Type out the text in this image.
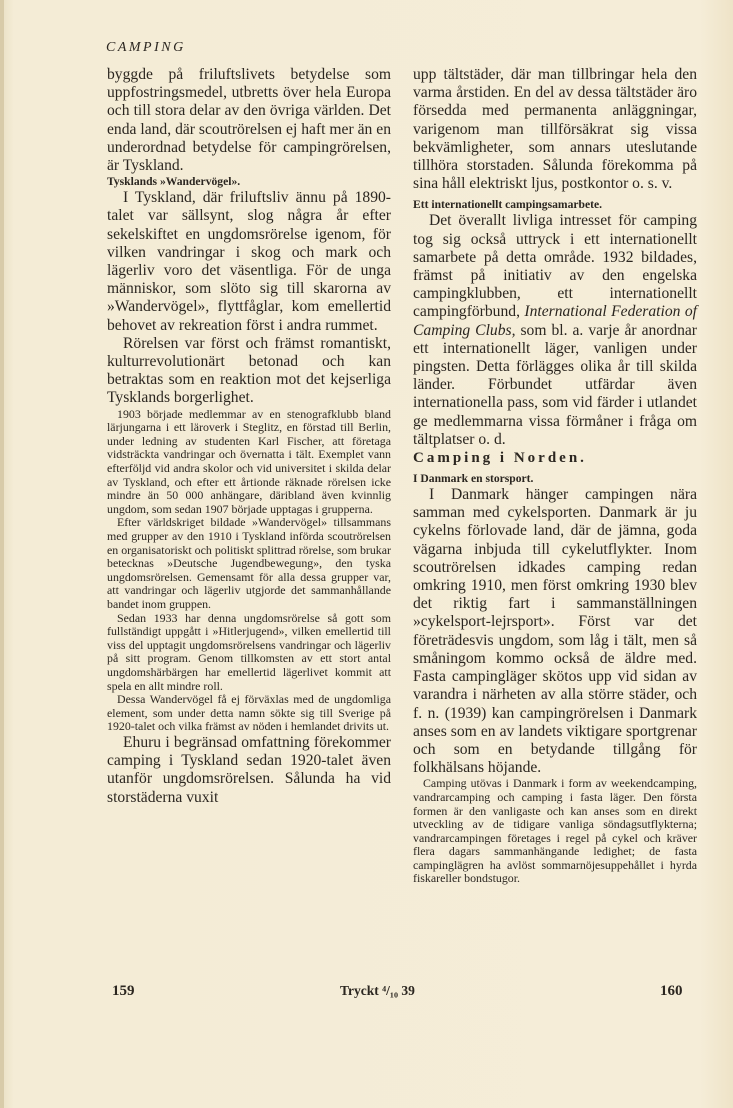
CAMPING

byggde på friluftslivets betydelse som uppfostringsmedel, utbretts över hela Europa och till stora delar av den övriga världen. Det enda land, där scoutrörelsen ej haft mer än en underordnad betydelse för campingrörelsen, är Tyskland.

Tysklands »Wandervögel».

I Tyskland, där friluftsliv ännu på 1890-talet var sällsynt, slog några år efter sekelskiftet en ungdomsrörelse igenom, för vilken vandringar i skog och mark och lägerliv voro det väsentliga. För de unga människor, som slöto sig till skarorna av »Wandervögel», flyttfåglar, kom emellertid behovet av rekreation först i andra rummet.

Rörelsen var först och främst romantiskt, kulturrevolutionärt betonad och kan betraktas som en reaktion mot det kejserliga Tysklands borgerlighet.

1903 började medlemmar av en stenografklubb bland lärjungarna i ett läroverk i Steglitz, en förstad till Berlin, under ledning av studenten Karl Fischer, att företaga vidsträckta vandringar och övernatta i tält. Exemplet vann efterföljd vid andra skolor och vid universitet i skilda delar av Tyskland, och efter ett årtionde räknade rörelsen icke mindre än 50 000 anhängare, däribland även kvinnlig ungdom, som sedan 1907 började upptagas i grupperna.

Efter världskriget bildade »Wandervögel» tillsammans med grupper av den 1910 i Tyskland införda scoutrörelsen en organisatoriskt och politiskt splittrad rörelse, som brukar betecknas »Deutsche Jugendbewegung», den tyska ungdomsrörelsen. Gemensamt för alla dessa grupper var, att vandringar och lägerliv utgjorde det sammanhållande bandet inom gruppen.

Sedan 1933 har denna ungdomsrörelse så gott som fullständigt uppgått i »Hitlerjugend», vilken emellertid till viss del upptagit ungdomsrörelsens vandringar och lägerliv på sitt program. Genom tillkomsten av ett stort antal ungdomshärbärgen har emellertid lägerlivet kommit att spela en allt mindre roll.

Dessa Wandervögel få ej förväxlas med de ungdomliga element, som under detta namn sökte sig till Sverige på 1920-talet och vilka främst av nöden i hemlandet drivits ut.

Ehuru i begränsad omfattning förekommer camping i Tyskland sedan 1920-talet även utanför ungdomsrörelsen. Sålunda ha vid storstäderna vuxit

upp tältstäder, där man tillbringar hela den varma årstiden. En del av dessa tältstäder äro försedda med permanenta anläggningar, varigenom man tillförsäkrat sig vissa bekvämligheter, som annars uteslutande tillhöra storstaden. Sålunda förekomma på sina håll elektriskt ljus, postkontor o. s. v.

Ett internationellt campingsamarbete.

Det överallt livliga intresset för camping tog sig också uttryck i ett internationellt samarbete på detta område. 1932 bildades, främst på initiativ av den engelska campingklubben, ett internationellt campingförbund, International Federation of Camping Clubs, som bl. a. varje år anordnar ett internationellt läger, vanligen under pingsten. Detta förlägges olika år till skilda länder. Förbundet utfärdar även internationella pass, som vid färder i utlandet ge medlemmarna vissa förmåner i fråga om tältplatser o. d.

Camping i Norden.

I Danmark en storsport.

I Danmark hänger campingen nära samman med cykelsporten. Danmark är ju cykelns förlovade land, där de jämna, goda vägarna inbjuda till cykelutflykter. Inom scoutrörelsen idkades camping redan omkring 1910, men först omkring 1930 blev det riktig fart i sammanställningen »cykelsport-lejrsport». Först var det företrädesvis ungdom, som låg i tält, men så småningom kommo också de äldre med. Fasta campingläger skötos upp vid sidan av varandra i närheten av alla större städer, och f. n. (1939) kan campingrörelsen i Danmark anses som en av landets viktigare sportgrenar och som en betydande tillgång för folkhälsans höjande.

Camping utövas i Danmark i form av weekendcamping, vandrarcamping och camping i fasta läger. Den första formen är den vanligaste och kan anses som en direkt utveckling av de tidigare vanliga söndagsutflykterna; vandrarcampingen företages i regel på cykel och kräver flera dagars sammanhängande ledighet; de fasta campinglägren ha avlöst sommarnöjesuppehållet i hyrda fiskareller bondstugor.

159	Tryckt ⁴/₁₀ 39	160
